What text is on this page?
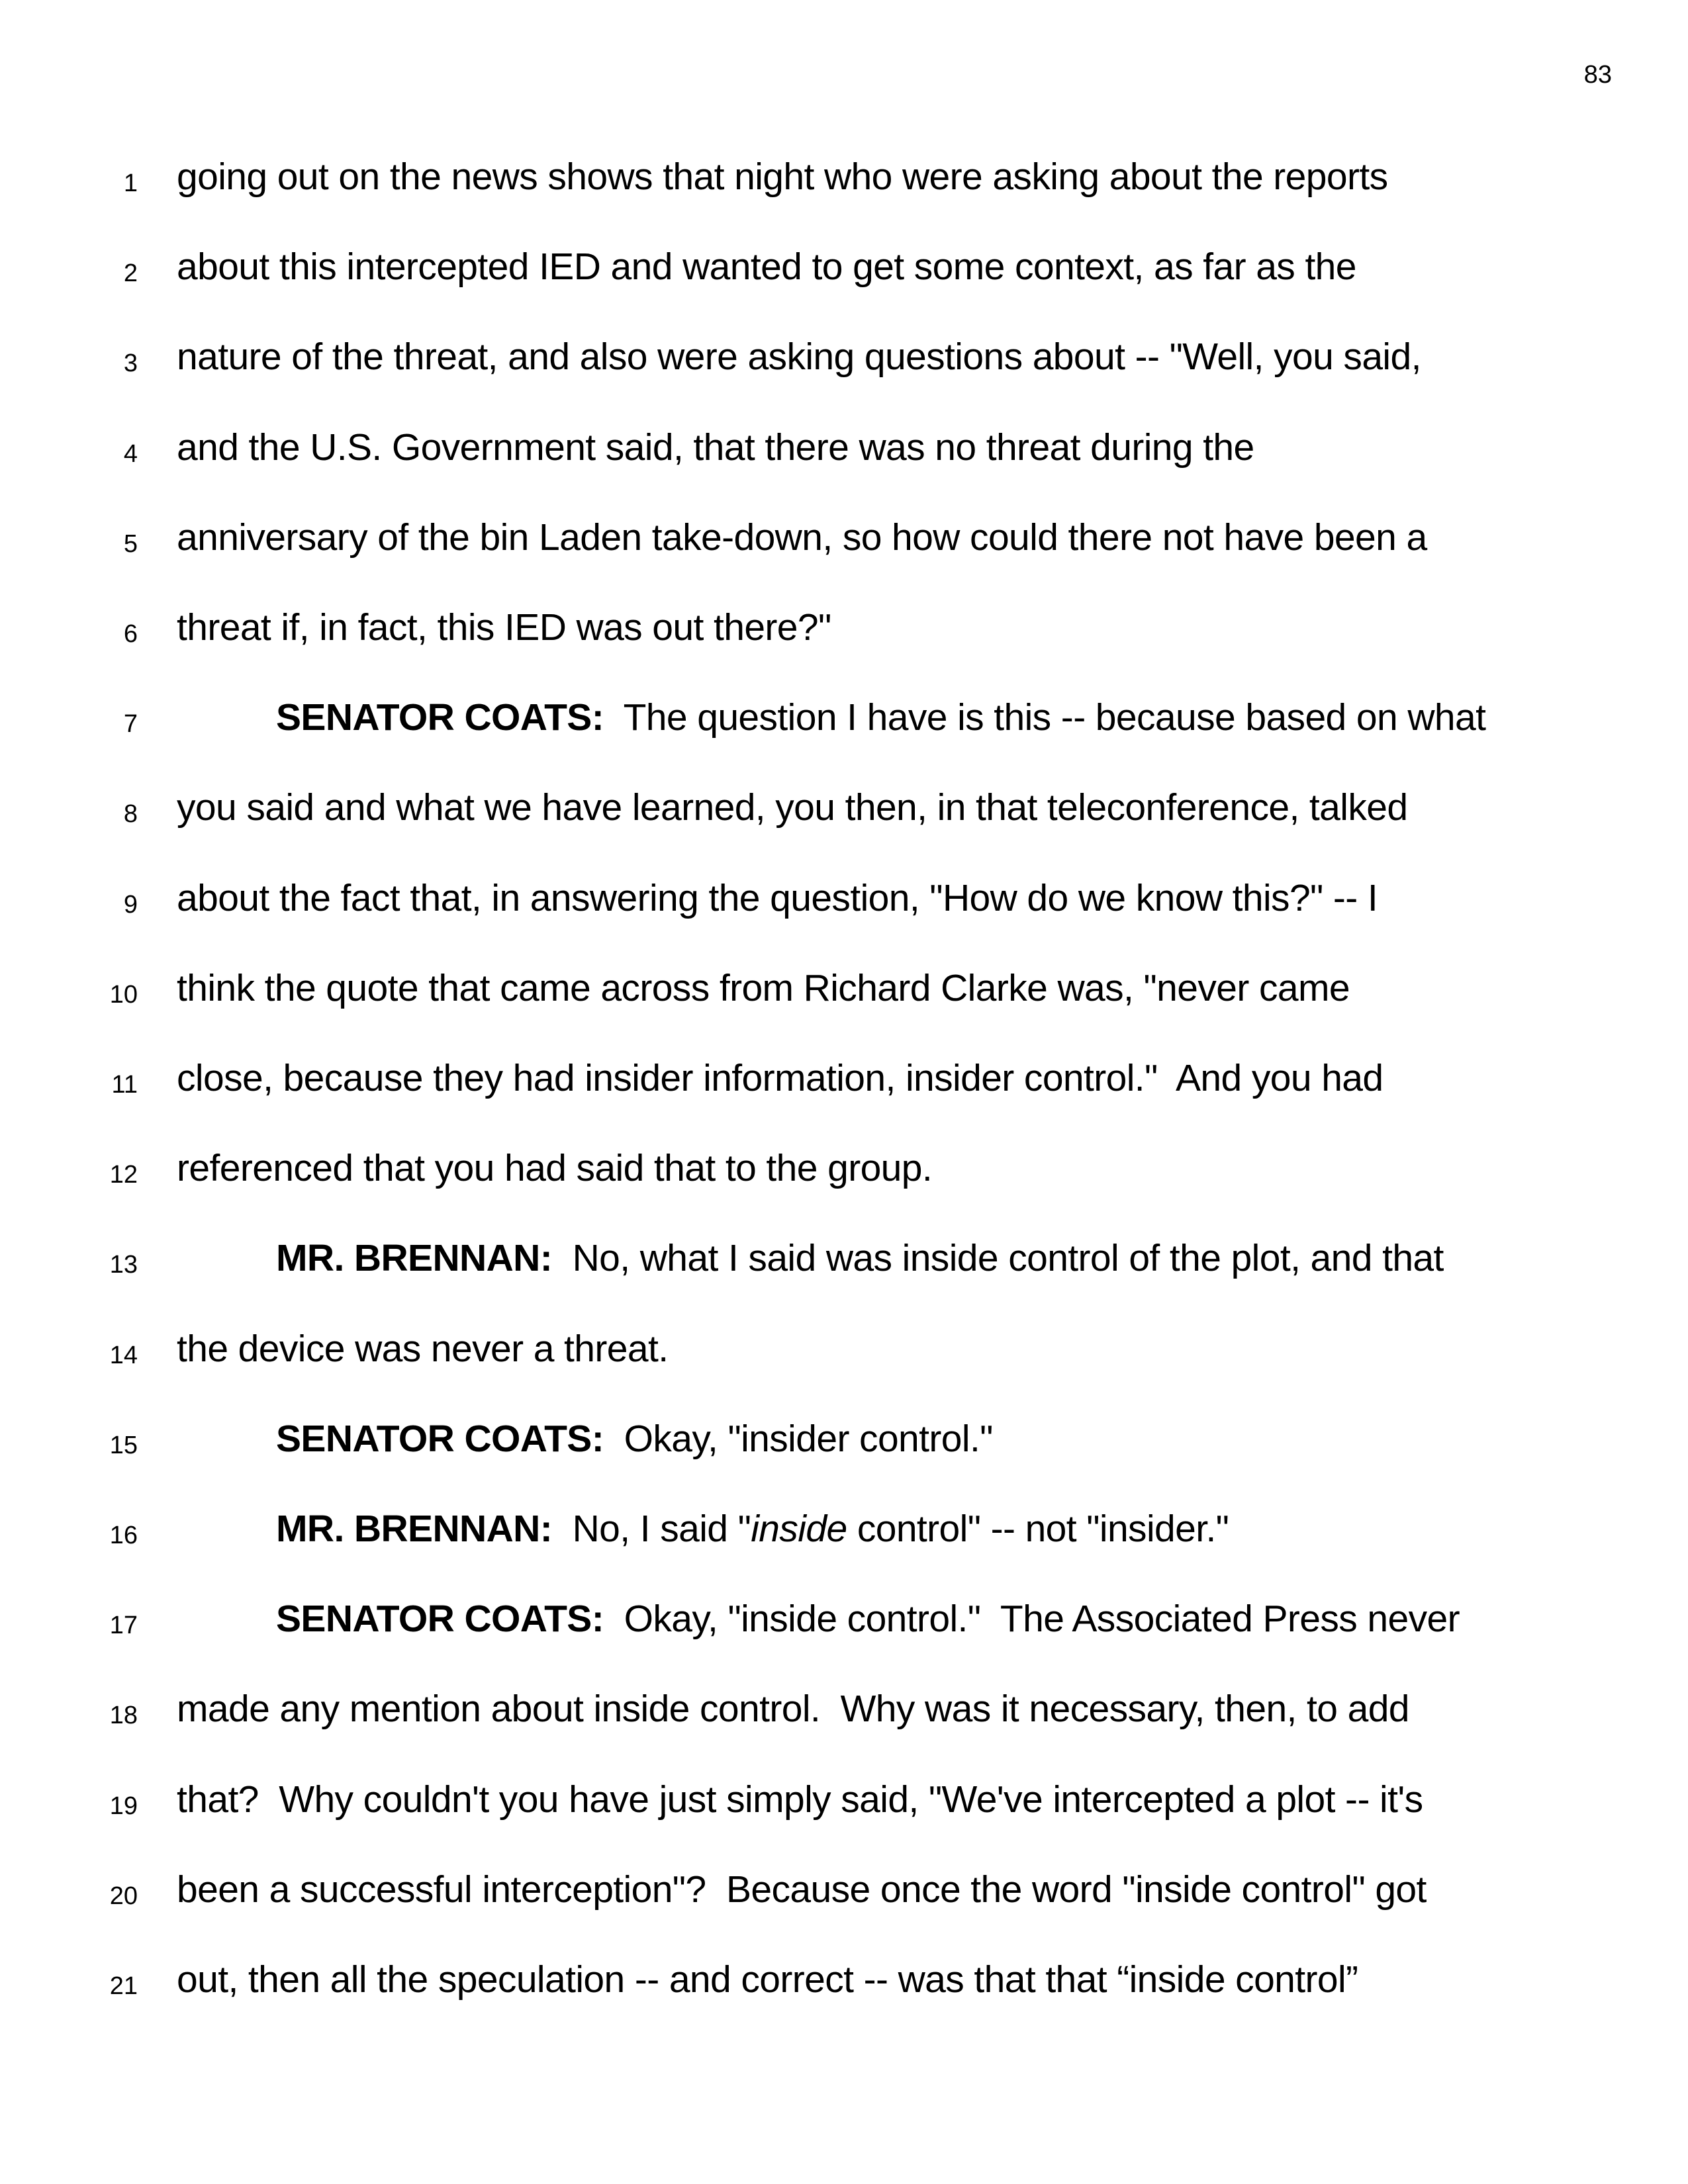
83
1 going out on the news shows that night who were asking about the reports
2 about this intercepted IED and wanted to get some context, as far as the
3 nature of the threat, and also were asking questions about -- "Well, you said,
4 and the U.S. Government said, that there was no threat during the
5 anniversary of the bin Laden take-down, so how could there not have been a
6 threat if, in fact, this IED was out there?"
7	SENATOR COATS:  The question I have is this -- because based on what
8 you said and what we have learned, you then, in that teleconference, talked
9 about the fact that, in answering the question, "How do we know this?" -- I
10 think the quote that came across from Richard Clarke was, "never came
11 close, because they had insider information, insider control."  And you had
12 referenced that you had said that to the group.
13	MR. BRENNAN:  No, what I said was inside control of the plot, and that
14 the device was never a threat.
15	SENATOR COATS:  Okay, "insider control."
16	MR. BRENNAN:  No, I said "inside control" -- not "insider."
17	SENATOR COATS:  Okay, "inside control."  The Associated Press never
18 made any mention about inside control.  Why was it necessary, then, to add
19 that?  Why couldn't you have just simply said, "We've intercepted a plot -- it's
20 been a successful interception"?  Because once the word "inside control" got
21 out, then all the speculation -- and correct -- was that that “inside control”
